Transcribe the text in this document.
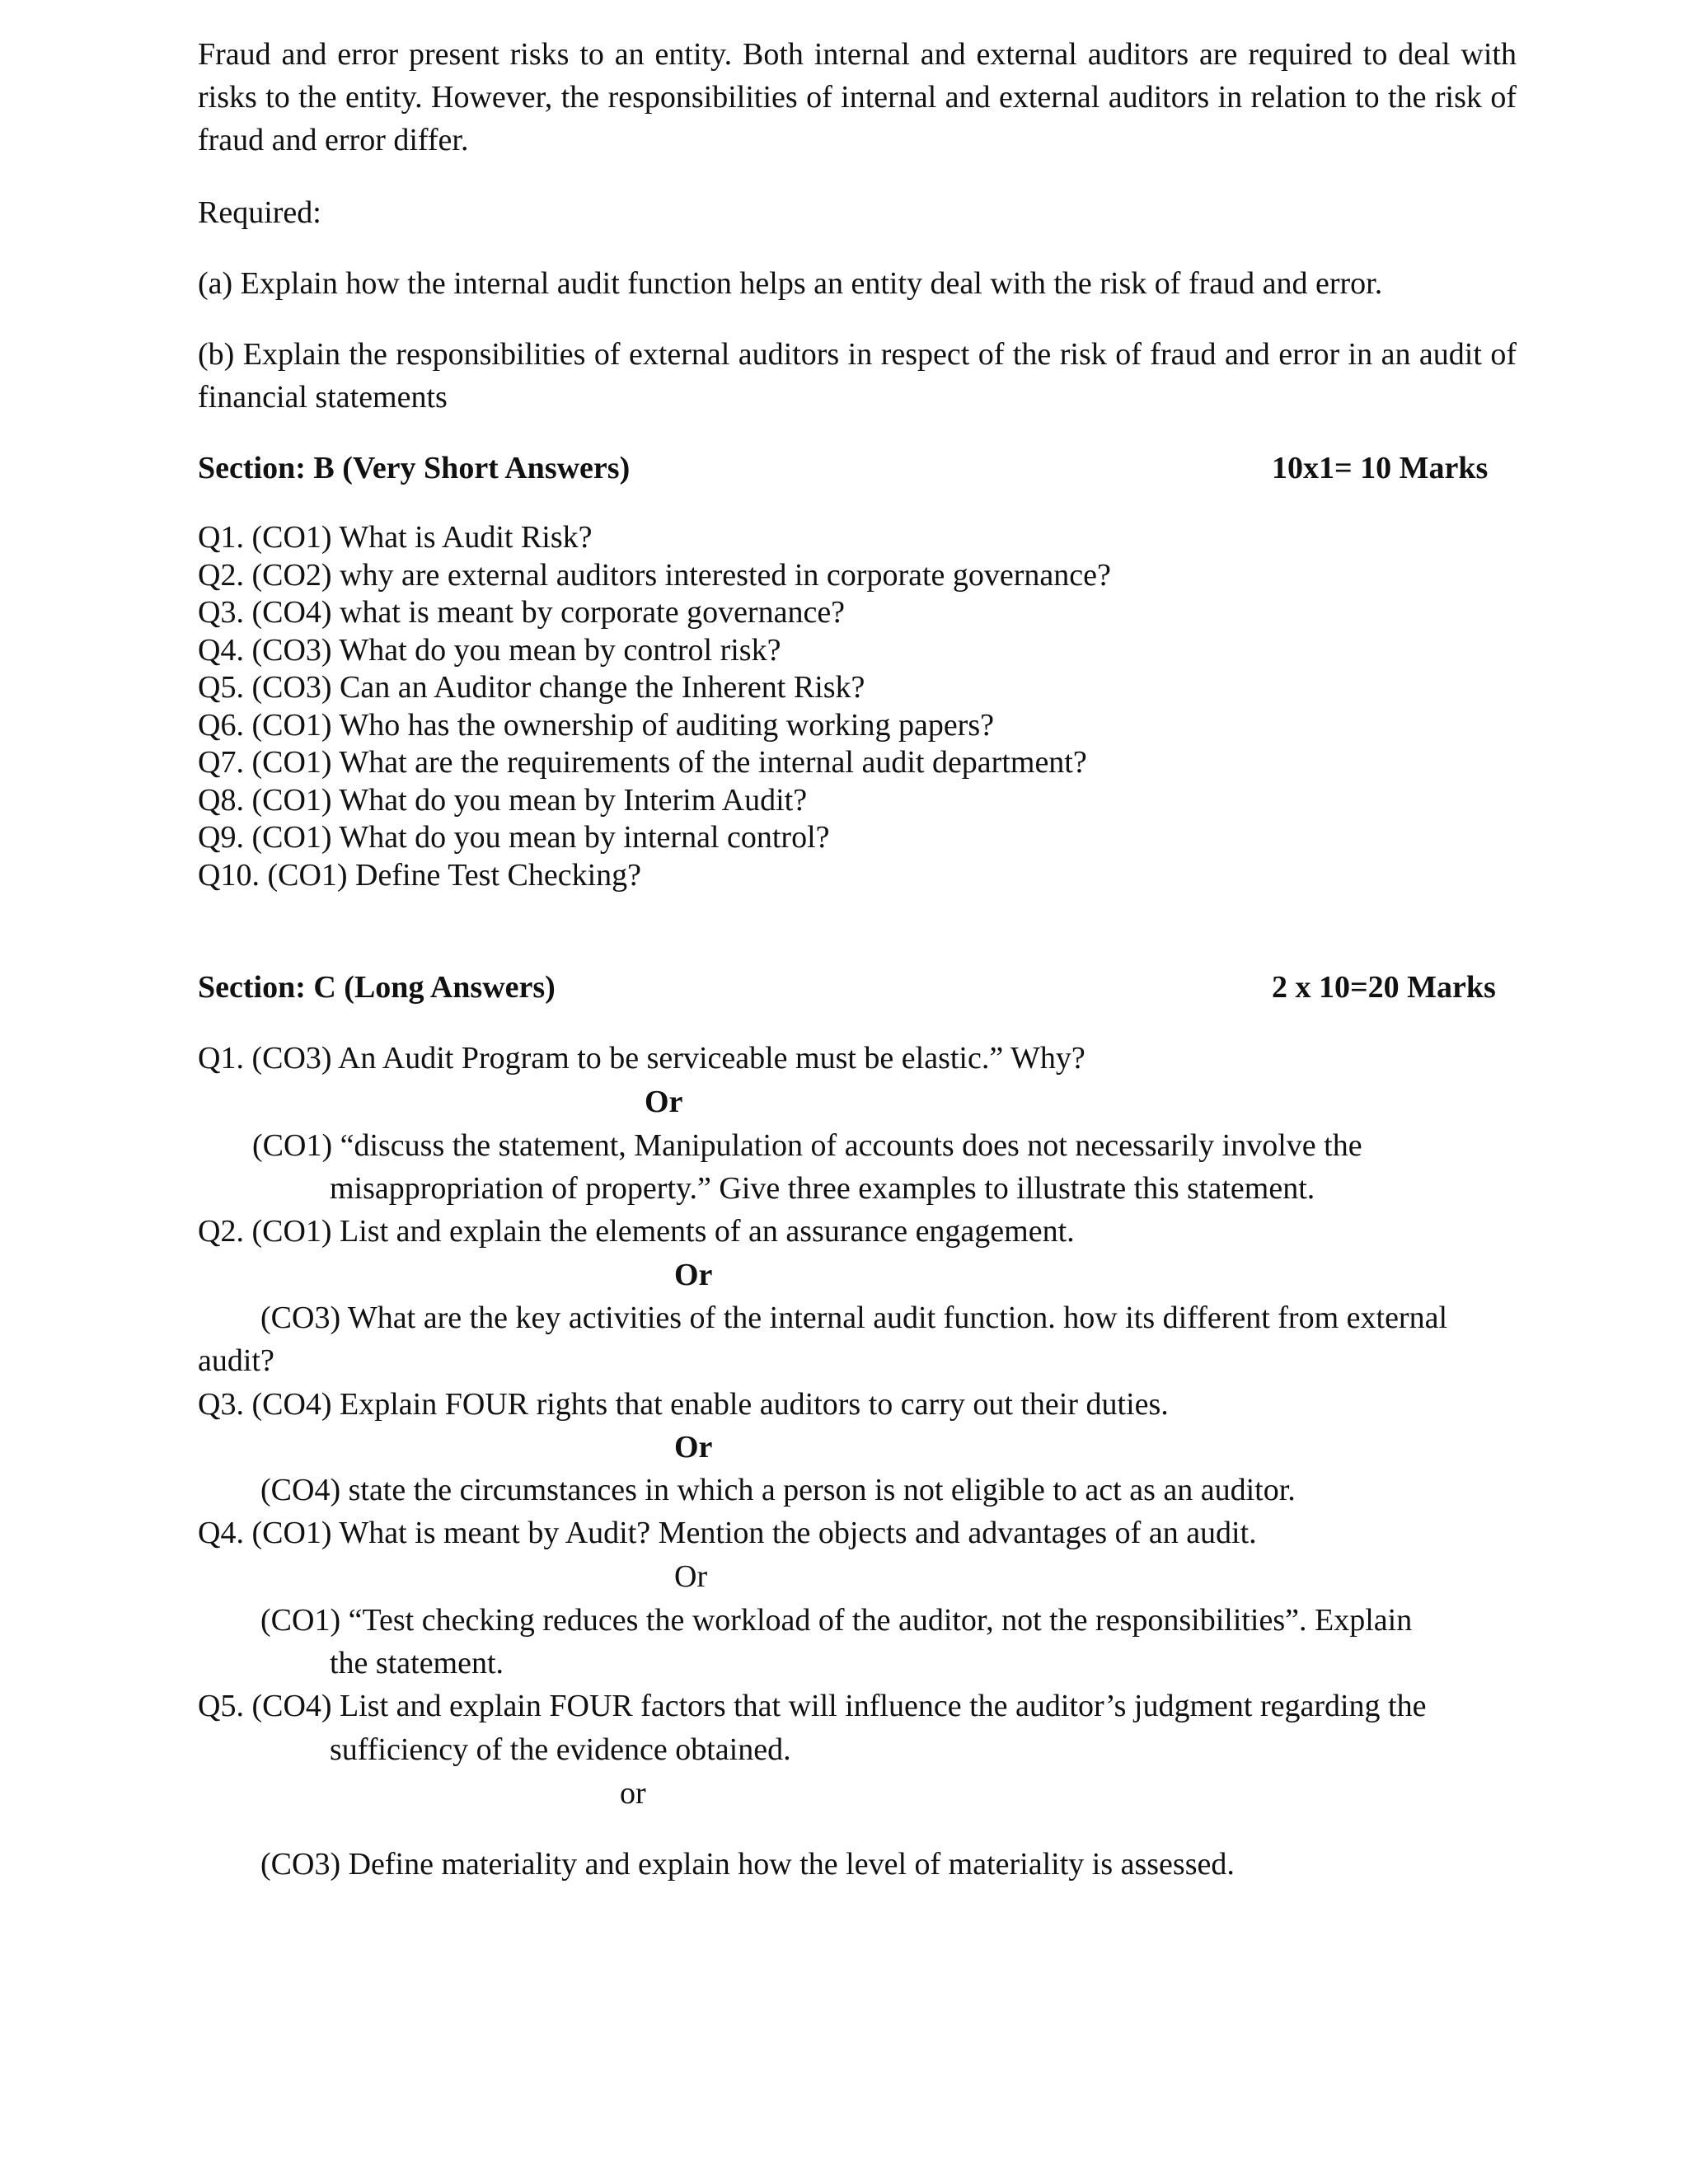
Fraud and error present risks to an entity. Both internal and external auditors are required to deal with risks to the entity. However, the responsibilities of internal and external auditors in relation to the risk of fraud and error differ.
Required:
(a) Explain how the internal audit function helps an entity deal with the risk of fraud and error.
(b) Explain the responsibilities of external auditors in respect of the risk of fraud and error in an audit of financial statements
Section: B (Very Short Answers)	10x1= 10 Marks
Q1. (CO1) What is Audit Risk?
Q2. (CO2) why are external auditors interested in corporate governance?
Q3. (CO4) what is meant by corporate governance?
Q4. (CO3) What do you mean by control risk?
Q5. (CO3) Can an Auditor change the Inherent Risk?
Q6. (CO1) Who has the ownership of auditing working papers?
Q7. (CO1) What are the requirements of the internal audit department?
Q8. (CO1) What do you mean by Interim Audit?
Q9. (CO1) What do you mean by internal control?
Q10. (CO1) Define Test Checking?
Section: C (Long Answers)	2 x 10=20 Marks
Q1. (CO3) An Audit Program to be serviceable must be elastic.” Why?
Or
(CO1) “discuss the statement, Manipulation of accounts does not necessarily involve the
misappropriation of property.” Give three examples to illustrate this statement.
Q2. (CO1) List and explain the elements of an assurance engagement.
Or
(CO3) What are the key activities of the internal audit function. how its different from external
audit?
Q3. (CO4) Explain FOUR rights that enable auditors to carry out their duties.
Or
(CO4) state the circumstances in which a person is not eligible to act as an auditor.
Q4. (CO1) What is meant by Audit? Mention the objects and advantages of an audit.
Or
(CO1) “Test checking reduces the workload of the auditor, not the responsibilities”. Explain
the statement.
Q5. (CO4) List and explain FOUR factors that will influence the auditor’s judgment regarding the
sufficiency of the evidence obtained.
or
(CO3) Define materiality and explain how the level of materiality is assessed.
